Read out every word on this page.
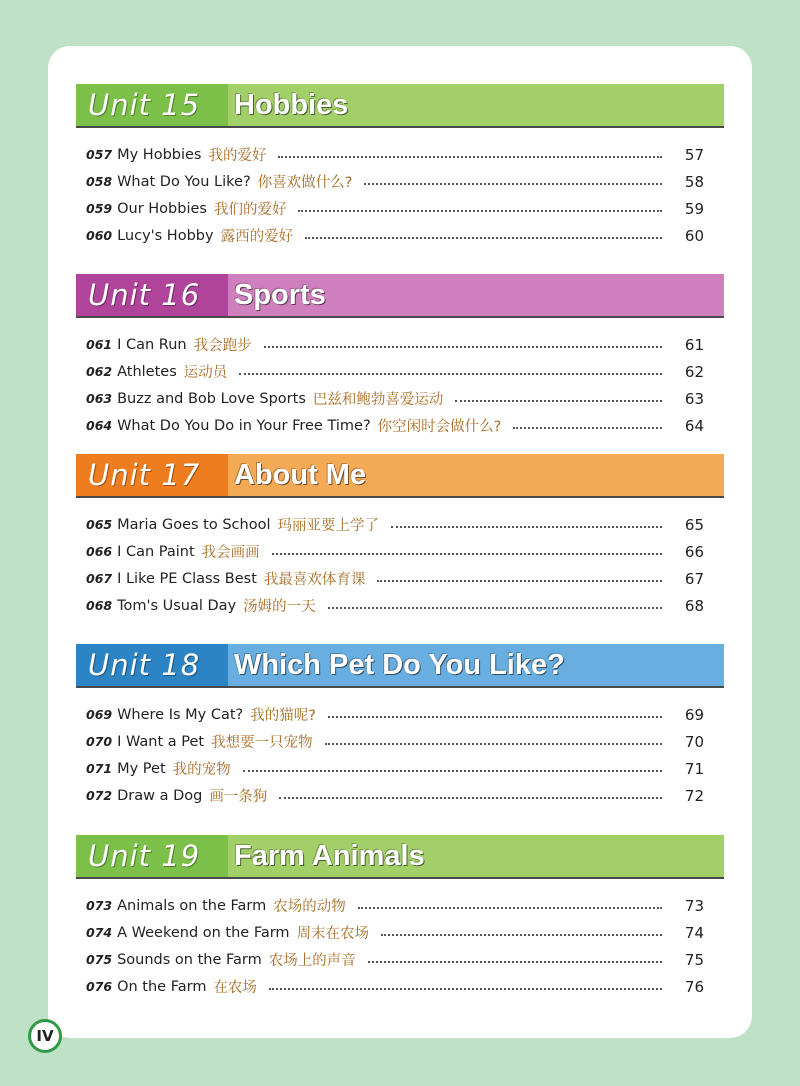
Unit 15	Hobbies
057 My Hobbies 我的爱好	57
058 What Do You Like? 你喜欢做什么?	58
059 Our Hobbies 我们的爱好	59
060 Lucy's Hobby 露西的爱好	60
Unit 16	Sports
061 I Can Run 我会跑步	61
062 Athletes 运动员	62
063 Buzz and Bob Love Sports 巴兹和鲍勃喜爱运动	63
064 What Do You Do in Your Free Time? 你空闲时会做什么?	64
Unit 17	About Me
065 Maria Goes to School 玛丽亚要上学了	65
066 I Can Paint 我会画画	66
067 I Like PE Class Best 我最喜欢体育课	67
068 Tom's Usual Day 汤姆的一天	68
Unit 18	Which Pet Do You Like?
069 Where Is My Cat? 我的猫呢?	69
070 I Want a Pet 我想要一只宠物	70
071 My Pet 我的宠物	71
072 Draw a Dog 画一条狗	72
Unit 19	Farm Animals
073 Animals on the Farm 农场的动物	73
074 A Weekend on the Farm 周末在农场	74
075 Sounds on the Farm 农场上的声音	75
076 On the Farm 在农场	76
IV
